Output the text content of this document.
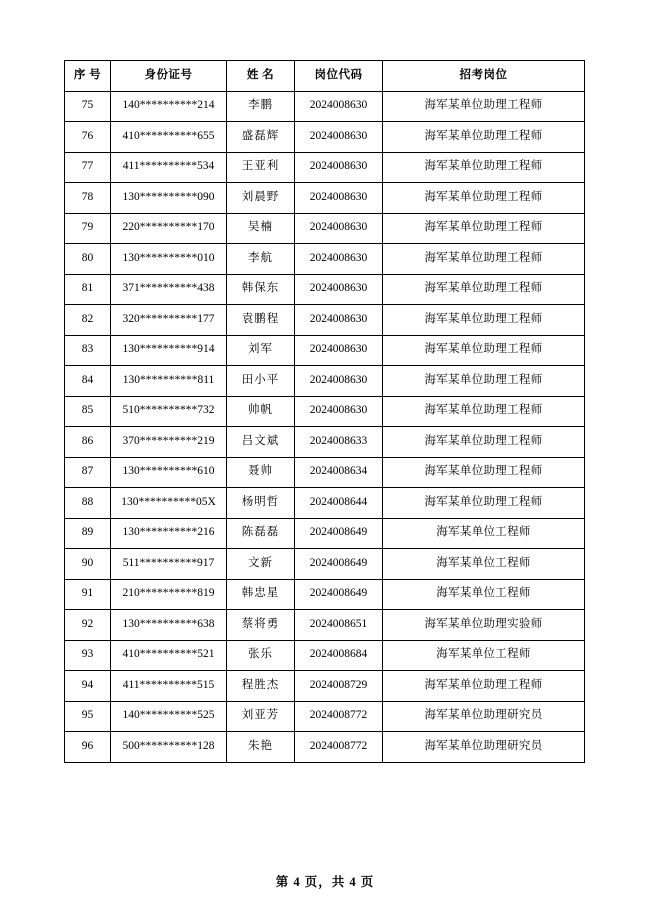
序 号	身份证号	姓 名	岗位代码	招考岗位
75	140**********214	李鹏	2024008630	海军某单位助理工程师
76	410**********655	盛磊辉	2024008630	海军某单位助理工程师
77	411**********534	王亚利	2024008630	海军某单位助理工程师
78	130**********090	刘晨野	2024008630	海军某单位助理工程师
79	220**********170	吴楠	2024008630	海军某单位助理工程师
80	130**********010	李航	2024008630	海军某单位助理工程师
81	371**********438	韩保东	2024008630	海军某单位助理工程师
82	320**********177	袁鹏程	2024008630	海军某单位助理工程师
83	130**********914	刘军	2024008630	海军某单位助理工程师
84	130**********811	田小平	2024008630	海军某单位助理工程师
85	510**********732	帅帆	2024008630	海军某单位助理工程师
86	370**********219	吕文斌	2024008633	海军某单位助理工程师
87	130**********610	聂帅	2024008634	海军某单位助理工程师
88	130**********05X	杨明哲	2024008644	海军某单位助理工程师
89	130**********216	陈磊磊	2024008649	海军某单位工程师
90	511**********917	文新	2024008649	海军某单位工程师
91	210**********819	韩忠星	2024008649	海军某单位工程师
92	130**********638	蔡将勇	2024008651	海军某单位助理实验师
93	410**********521	张乐	2024008684	海军某单位工程师
94	411**********515	程胜杰	2024008729	海军某单位助理工程师
95	140**********525	刘亚芳	2024008772	海军某单位助理研究员
96	500**********128	朱艳	2024008772	海军某单位助理研究员
第 4 页，共 4 页
